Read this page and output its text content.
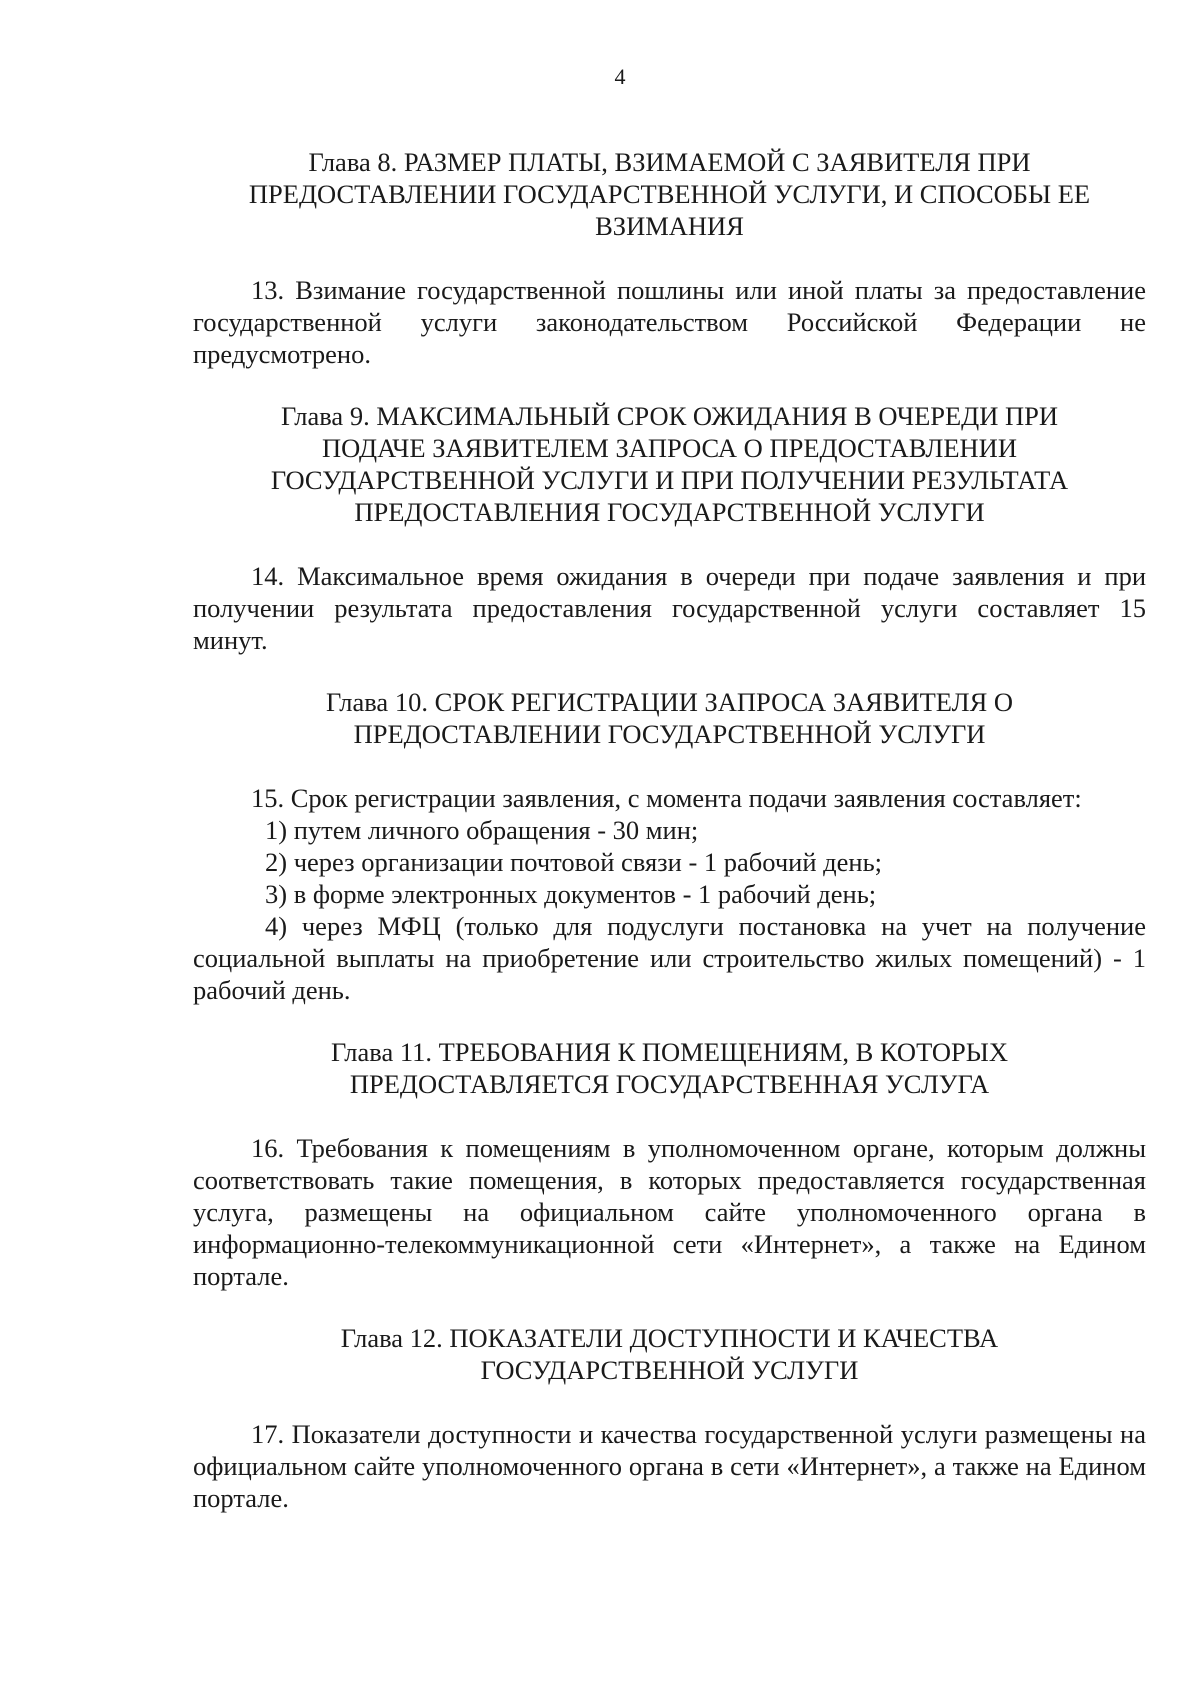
4
Глава 8. РАЗМЕР ПЛАТЫ, ВЗИМАЕМОЙ С ЗАЯВИТЕЛЯ ПРИ
ПРЕДОСТАВЛЕНИИ ГОСУДАРСТВЕННОЙ УСЛУГИ, И СПОСОБЫ ЕЕ
ВЗИМАНИЯ

13. Взимание государственной пошлины или иной платы за предоставление государственной услуги законодательством Российской Федерации не предусмотрено.

Глава 9. МАКСИМАЛЬНЫЙ СРОК ОЖИДАНИЯ В ОЧЕРЕДИ ПРИ
ПОДАЧЕ ЗАЯВИТЕЛЕМ ЗАПРОСА О ПРЕДОСТАВЛЕНИИ
ГОСУДАРСТВЕННОЙ УСЛУГИ И ПРИ ПОЛУЧЕНИИ РЕЗУЛЬТАТА
ПРЕДОСТАВЛЕНИЯ ГОСУДАРСТВЕННОЙ УСЛУГИ

14. Максимальное время ожидания в очереди при подаче заявления и при получении результата предоставления государственной услуги составляет 15 минут.

Глава 10. СРОК РЕГИСТРАЦИИ ЗАПРОСА ЗАЯВИТЕЛЯ О
ПРЕДОСТАВЛЕНИИ ГОСУДАРСТВЕННОЙ УСЛУГИ

15. Срок регистрации заявления, с момента подачи заявления составляет:

1) путем личного обращения - 30 мин;

2) через организации почтовой связи - 1 рабочий день;

3) в форме электронных документов - 1 рабочий день;

4) через МФЦ (только для подуслуги постановка на учет на получение социальной выплаты на приобретение или строительство жилых помещений) - 1 рабочий день.

Глава 11. ТРЕБОВАНИЯ К ПОМЕЩЕНИЯМ, В КОТОРЫХ
ПРЕДОСТАВЛЯЕТСЯ ГОСУДАРСТВЕННАЯ УСЛУГА

16. Требования к помещениям в уполномоченном органе, которым должны соответствовать такие помещения, в которых предоставляется государственная услуга, размещены на официальном сайте уполномоченного органа в информационно-телекоммуникационной сети «Интернет», а также на Едином портале.

Глава 12. ПОКАЗАТЕЛИ ДОСТУПНОСТИ И КАЧЕСТВА
ГОСУДАРСТВЕННОЙ УСЛУГИ

17. Показатели доступности и качества государственной услуги размещены на официальном сайте уполномоченного органа в сети «Интернет», а также на Едином портале.
